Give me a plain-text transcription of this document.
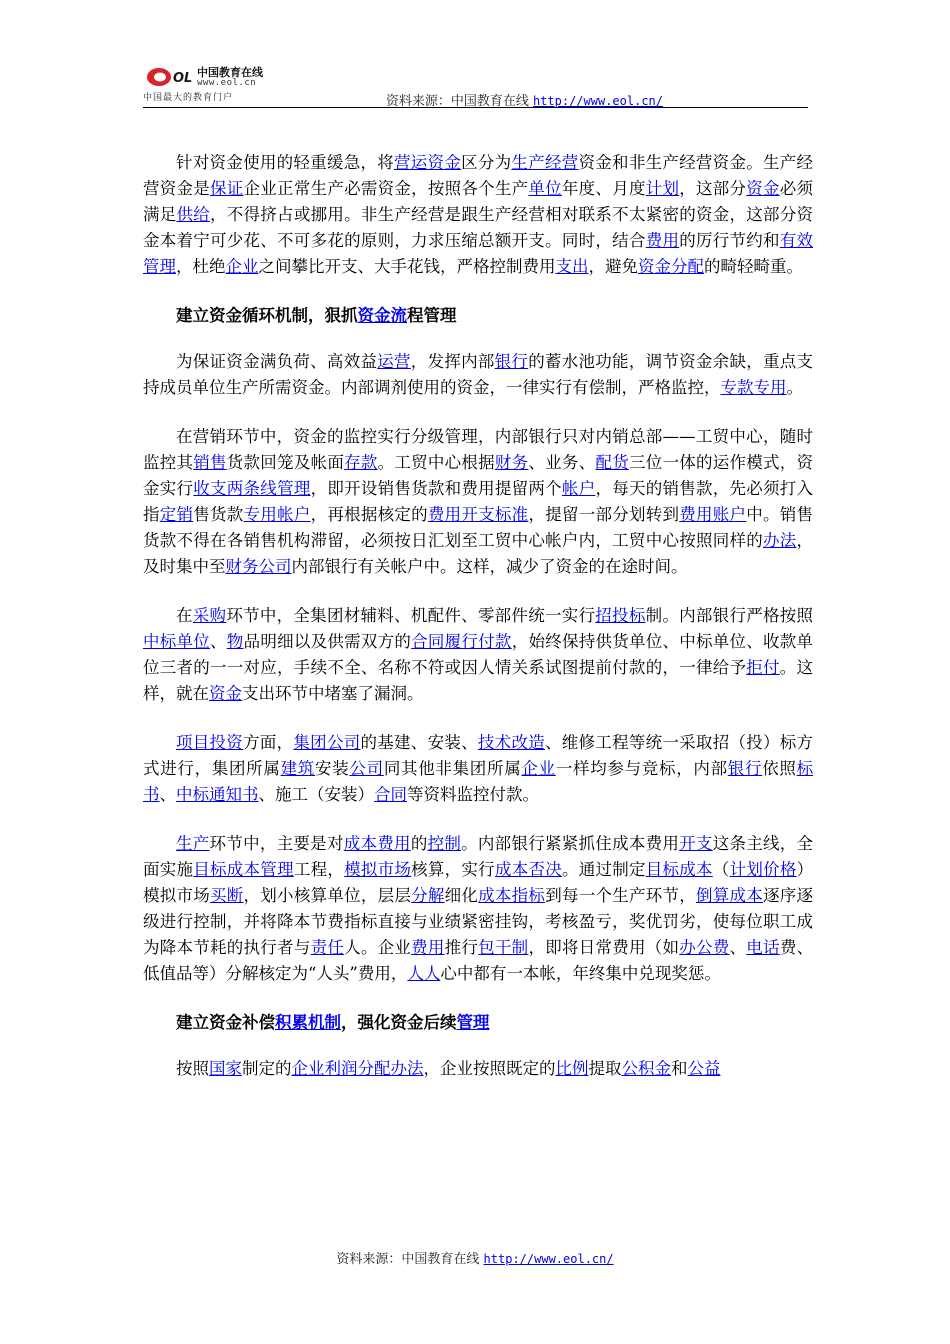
OL 中国教育在线
www.eol.cn
中国最大的教育门户	资料来源：中国教育在线 http://www.eol.cn/

针对资金使用的轻重缓急，将营运资金区分为生产经营资金和非生产经营资金。生产经营资金是保证企业正常生产必需资金，按照各个生产单位年度、月度计划，这部分资金必须满足供给，不得挤占或挪用。非生产经营是跟生产经营相对联系不太紧密的资金，这部分资金本着宁可少花、不可多花的原则，力求压缩总额开支。同时，结合费用的厉行节约和有效管理，杜绝企业之间攀比开支、大手花钱，严格控制费用支出，避免资金分配的畸轻畸重。

建立资金循环机制，狠抓资金流程管理

为保证资金满负荷、高效益运营，发挥内部银行的蓄水池功能，调节资金余缺，重点支持成员单位生产所需资金。内部调剂使用的资金，一律实行有偿制，严格监控，专款专用。

在营销环节中，资金的监控实行分级管理，内部银行只对内销总部——工贸中心，随时监控其销售货款回笼及帐面存款。工贸中心根据财务、业务、配货三位一体的运作模式，资金实行收支两条线管理，即开设销售货款和费用提留两个帐户，每天的销售款，先必须打入指定销售货款专用帐户，再根据核定的费用开支标准，提留一部分划转到费用账户中。销售货款不得在各销售机构滞留，必须按日汇划至工贸中心帐户内，工贸中心按照同样的办法，及时集中至财务公司内部银行有关帐户中。这样，减少了资金的在途时间。

在采购环节中，全集团材辅料、机配件、零部件统一实行招投标制。内部银行严格按照中标单位、物品明细以及供需双方的合同履行付款，始终保持供货单位、中标单位、收款单位三者的一一对应，手续不全、名称不符或因人情关系试图提前付款的，一律给予拒付。这样，就在资金支出环节中堵塞了漏洞。

项目投资方面，集团公司的基建、安装、技术改造、维修工程等统一采取招（投）标方式进行，集团所属建筑安装公司同其他非集团所属企业一样均参与竞标，内部银行依照标书、中标通知书、施工（安装）合同等资料监控付款。

生产环节中，主要是对成本费用的控制。内部银行紧紧抓住成本费用开支这条主线，全面实施目标成本管理工程，模拟市场核算，实行成本否决。通过制定目标成本（计划价格）模拟市场买断，划小核算单位，层层分解细化成本指标到每一个生产环节，倒算成本逐序逐级进行控制，并将降本节费指标直接与业绩紧密挂钩，考核盈亏，奖优罚劣，使每位职工成为降本节耗的执行者与责任人。企业费用推行包干制，即将日常费用（如办公费、电话费、低值品等）分解核定为“人头”费用，人人心中都有一本帐，年终集中兑现奖惩。

建立资金补偿积累机制，强化资金后续管理

按照国家制定的企业利润分配办法，企业按照既定的比例提取公积金和公益

资料来源：中国教育在线 http://www.eol.cn/
